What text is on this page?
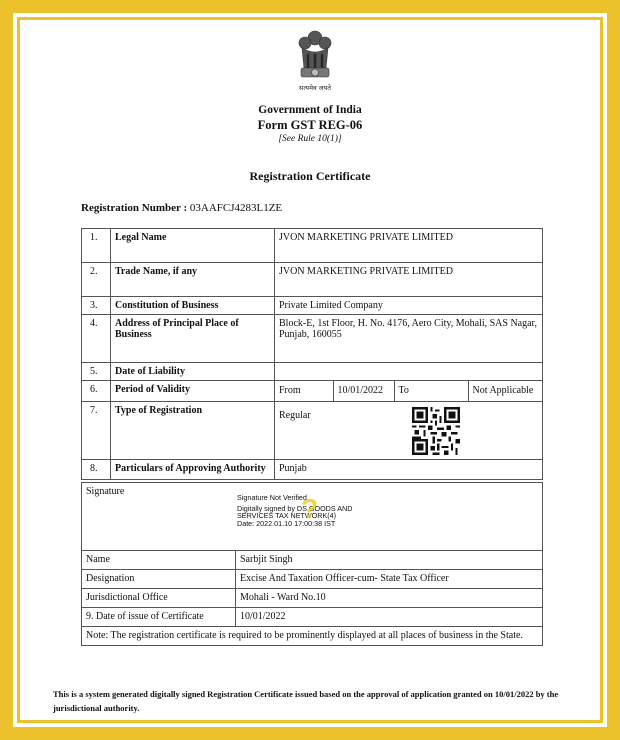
सत्यमेव जयते
Government of India
Form GST REG-06
[See Rule 10(1)]
Registration Certificate
Registration Number : 03AAFCJ4283L1ZE
1.	Legal Name	JVON MARKETING PRIVATE LIMITED
2.	Trade Name, if any	JVON MARKETING PRIVATE LIMITED
3.	Constitution of Business	Private Limited Company
4.	Address of Principal Place of Business	Block-E, 1st Floor, H. No. 4176, Aero City, Mohali, SAS Nagar, Punjab, 160055
5.	Date of Liability	
6.	Period of Validity		From	10/01/2022	To	Not Applicable

7.	Type of Registration	Regular
8.	Particulars of Approving Authority	Punjab
Signature
Signature Not Verified
Digitally signed by DS GOODS AND
SERVICES TAX NETWORK(4)
Date: 2022.01.10 17:00:38 IST
?

Name	Sarbjit Singh
Designation	Excise And Taxation Officer-cum- State Tax Officer
Jurisdictional Office	Mohali - Ward No.10
9. Date of issue of Certificate	10/01/2022
Note: The registration certificate is required to be prominently displayed at all places of business in the State.	
This is a system generated digitally signed Registration Certificate issued based on the approval of application granted on 10/01/2022 by the jurisdictional authority.
